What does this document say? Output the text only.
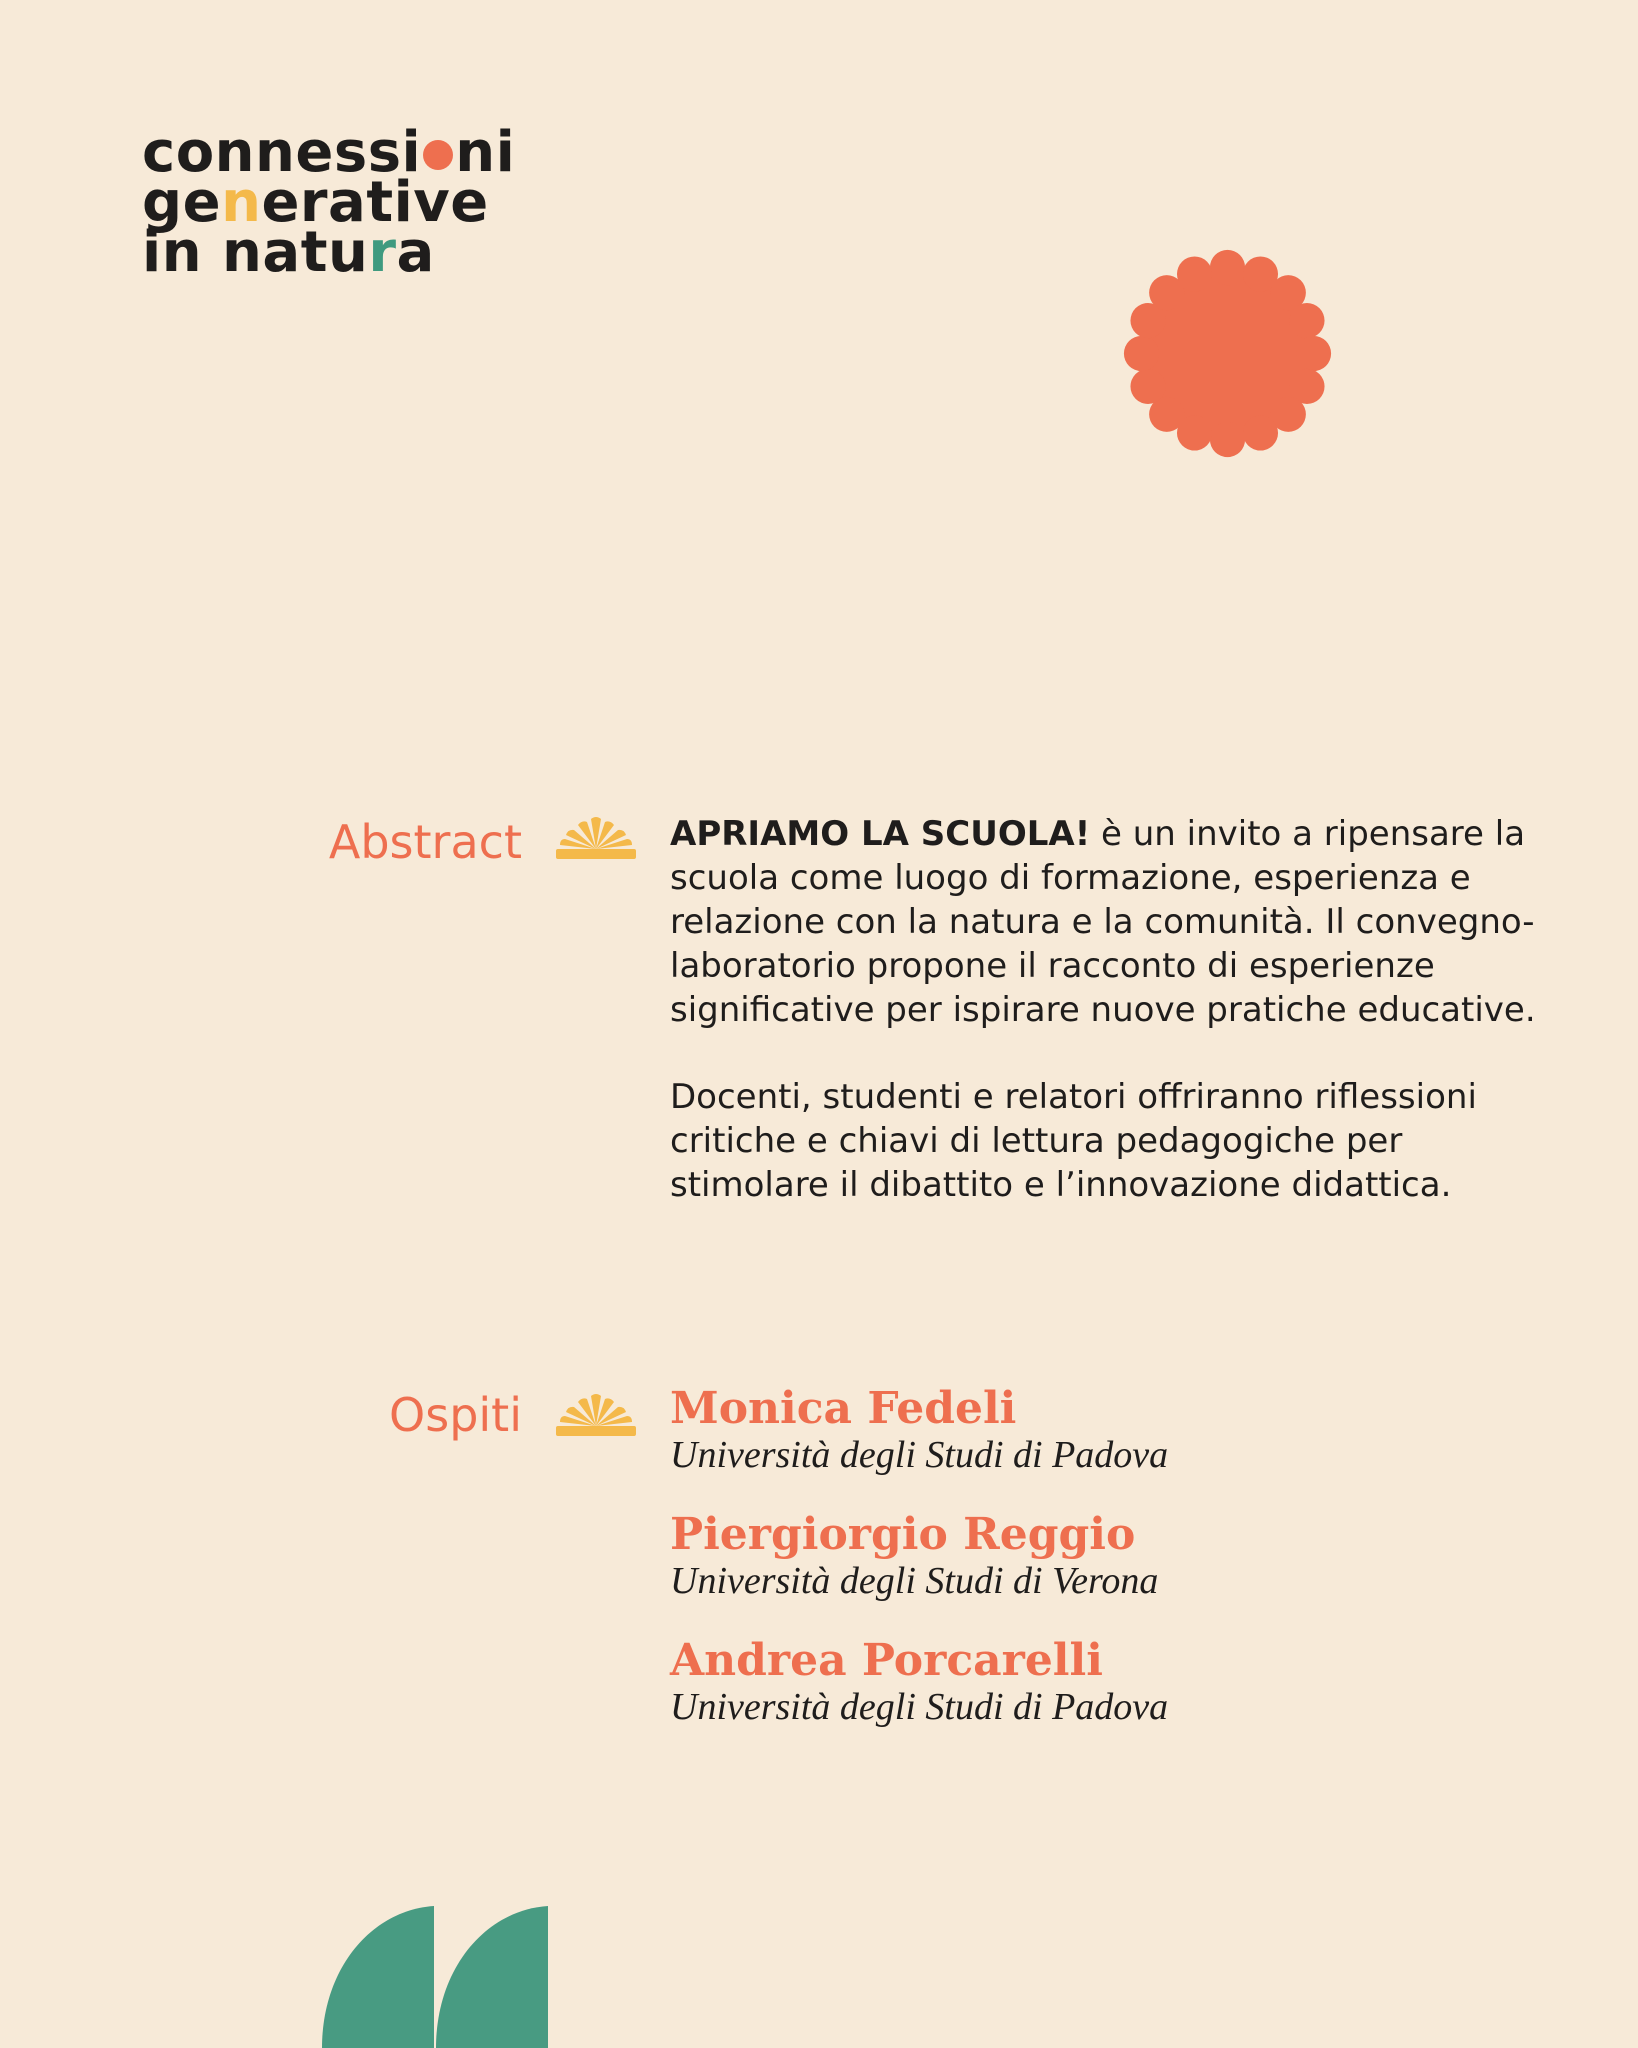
connessi ni
generative
in natura
Abstract	APRIAMO LA SCUOLA! è un invito a ripensare la scuola come luogo di formazione, esperienza e relazione con la natura e la comunità. Il convegno-laboratorio propone il racconto di esperienze significative per ispirare nuove pratiche educative.

Docenti, studenti e relatori offriranno riflessioni critiche e chiavi di lettura pedagogiche per stimolare il dibattito e l’innovazione didattica.

Ospiti	Monica Fedeli
Università degli Studi di Padova
Piergiorgio Reggio
Università degli Studi di Verona
Andrea Porcarelli
Università degli Studi di Padova
